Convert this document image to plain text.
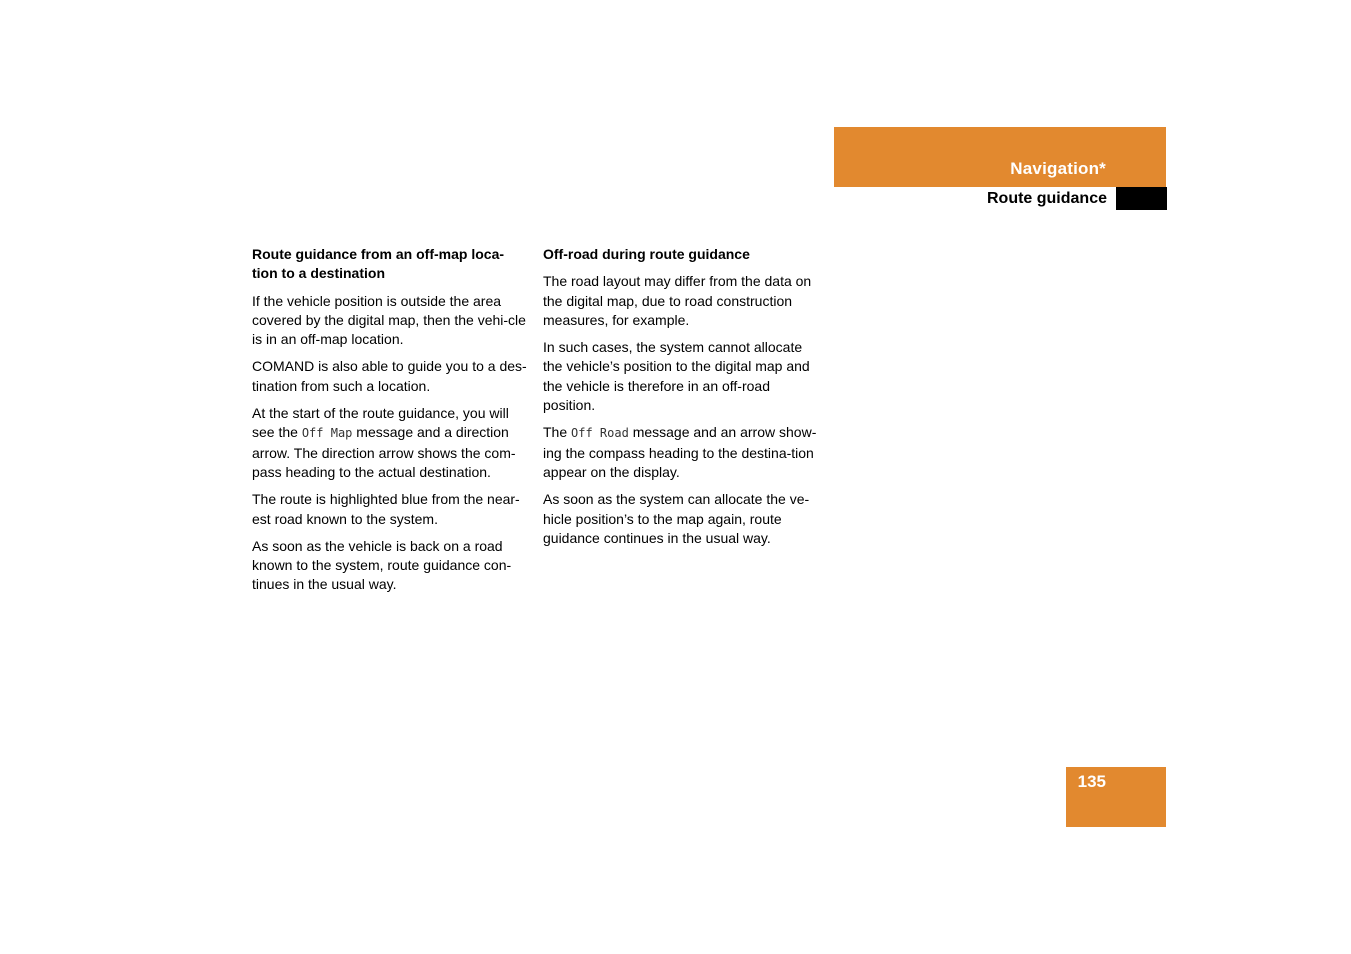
Navigation*
Route guidance
Route guidance from an off-map loca-
tion to a destination

If the vehicle position is outside the area covered by the digital map, then the vehi-cle is in an off-map location.

COMAND is also able to guide you to a des-tination from such a location.

At the start of the route guidance, you will see the Off Map message and a direction arrow. The direction arrow shows the com-pass heading to the actual destination.

The route is highlighted blue from the near-est road known to the system.

As soon as the vehicle is back on a road known to the system, route guidance con-tinues in the usual way.

Off-road during route guidance

The road layout may differ from the data on the digital map, due to road construction measures, for example.

In such cases, the system cannot allocate the vehicle’s position to the digital map and the vehicle is therefore in an off-road position.

The Off Road message and an arrow show-ing the compass heading to the destina-tion appear on the display.

As soon as the system can allocate the ve-hicle position’s to the map again, route guidance continues in the usual way.

135
